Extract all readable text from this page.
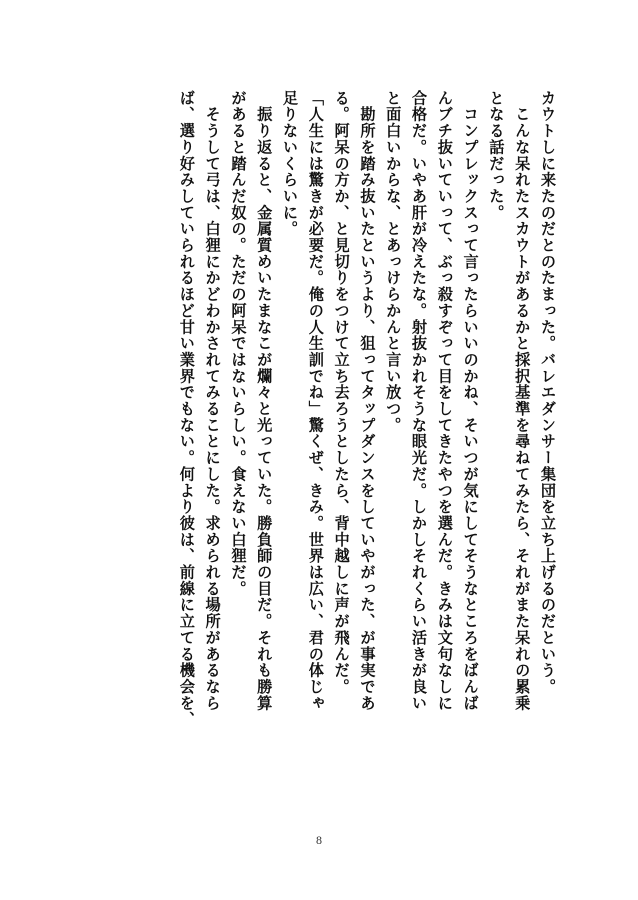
カウトしに来たのだとのたまった。バレエダンサー集団を立ち上げるのだという。
　こんな呆れたスカウトがあるかと採択基準を尋ねてみたら、それがまた呆れの累乗
となる話だった。
　コンプレックスって言ったらいいのかね、そいつが気にしてそうなところをばんば
んブチ抜いていって、ぶっ殺すぞって目をしてきたやつを選んだ。きみは文句なしに
合格だ。いやあ肝が冷えたな。射抜かれそうな眼光だ。しかしそれくらい活きが良い
と面白いからな、とあっけらかんと言い放つ。
　勘所を踏み抜いたというより、狙ってタップダンスをしていやがった、が事実であ
る。阿呆の方か、と見切りをつけて立ち去ろうとしたら、背中越しに声が飛んだ。
「人生には驚きが必要だ。俺の人生訓でね」驚くぜ、きみ。世界は広い、君の体じゃ
足りないくらいに。
　振り返ると、金属質めいたまなこが爛々と光っていた。勝負師の目だ。それも勝算
があると踏んだ奴の。ただの阿呆ではないらしい。食えない白狸だ。
　そうして弓は、白狸にかどわかされてみることにした。求められる場所があるなら
ば、選り好みしていられるほど甘い業界でもない。何より彼は、前線に立てる機会を、
8
